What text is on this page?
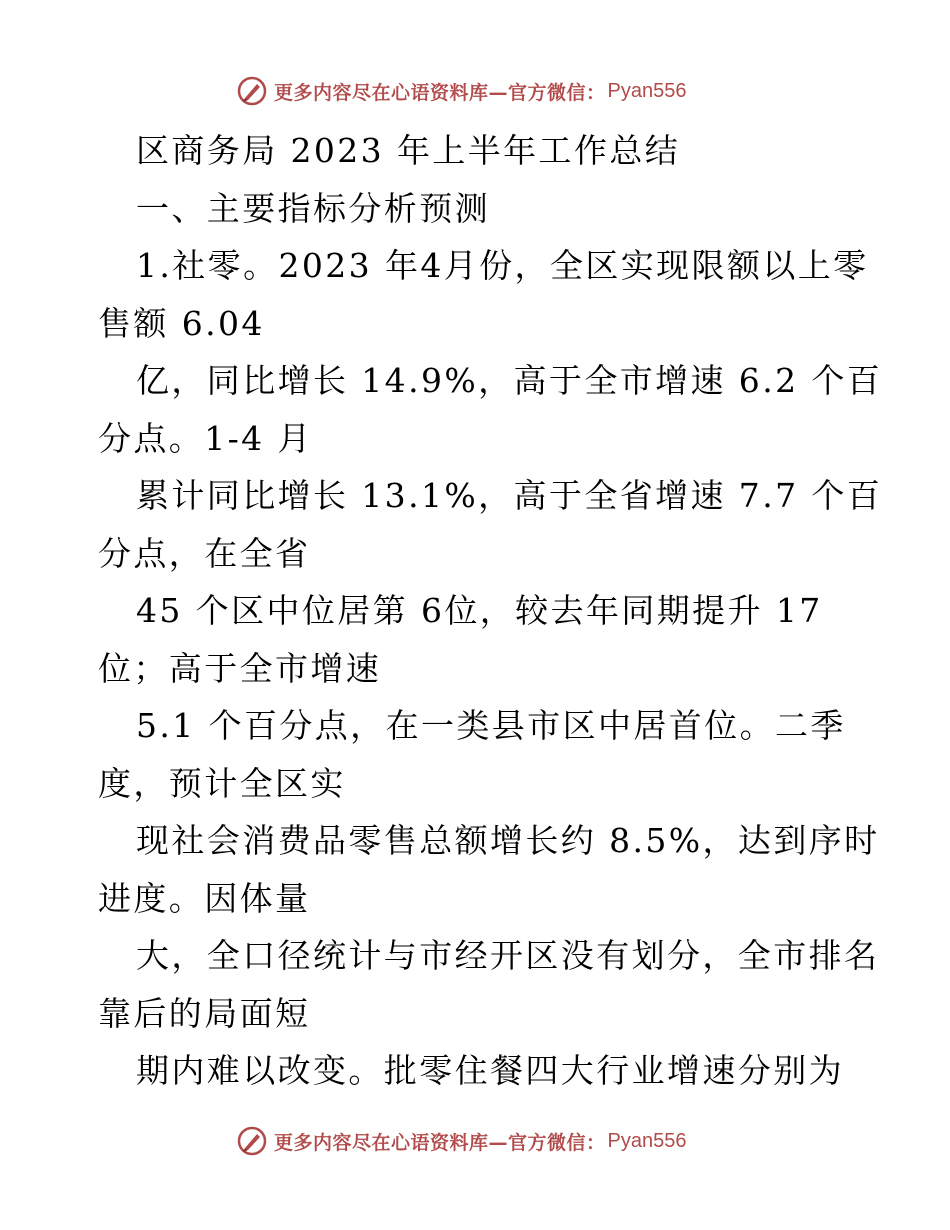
更多内容尽在心语资料库—官方微信： Pyan556
区商务局 2023 年上半年工作总结
一、主要指标分析预测
1.社零。2023 年4月份，全区实现限额以上零
售额 6.04
亿，同比增长 14.9%，高于全市增速 6.2 个百
分点。1-4 月
累计同比增长 13.1%，高于全省增速 7.7 个百
分点，在全省
45 个区中位居第 6位，较去年同期提升 17
位；高于全市增速
5.1 个百分点，在一类县市区中居首位。二季
度，预计全区实
现社会消费品零售总额增长约 8.5%，达到序时
进度。因体量
大，全口径统计与市经开区没有划分，全市排名
靠后的局面短
期内难以改变。批零住餐四大行业增速分别为
更多内容尽在心语资料库—官方微信： Pyan556
